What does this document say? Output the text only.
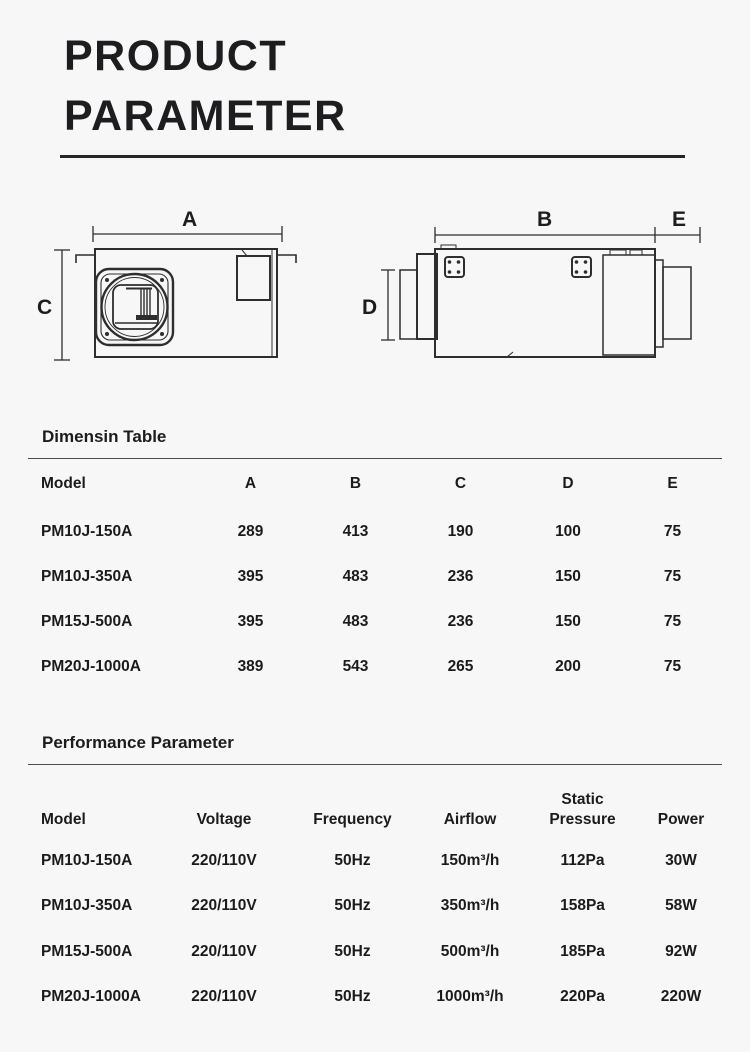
PRODUCT
PARAMETER
A
C
B	E
D
Dimensin Table
Model	A	B	C	D	E
PM10J-150A	289	413	190	100	75
PM10J-350A	395	483	236	150	75
PM15J-500A	395	483	236	150	75
PM20J-1000A	389	543	265	200	75
Performance Parameter
Model	Voltage	Frequency	Airflow	Static Pressure	Power
PM10J-150A	220/110V	50Hz	150m³/h	112Pa	30W
PM10J-350A	220/110V	50Hz	350m³/h	158Pa	58W
PM15J-500A	220/110V	50Hz	500m³/h	185Pa	92W
PM20J-1000A	220/110V	50Hz	1000m³/h	220Pa	220W
